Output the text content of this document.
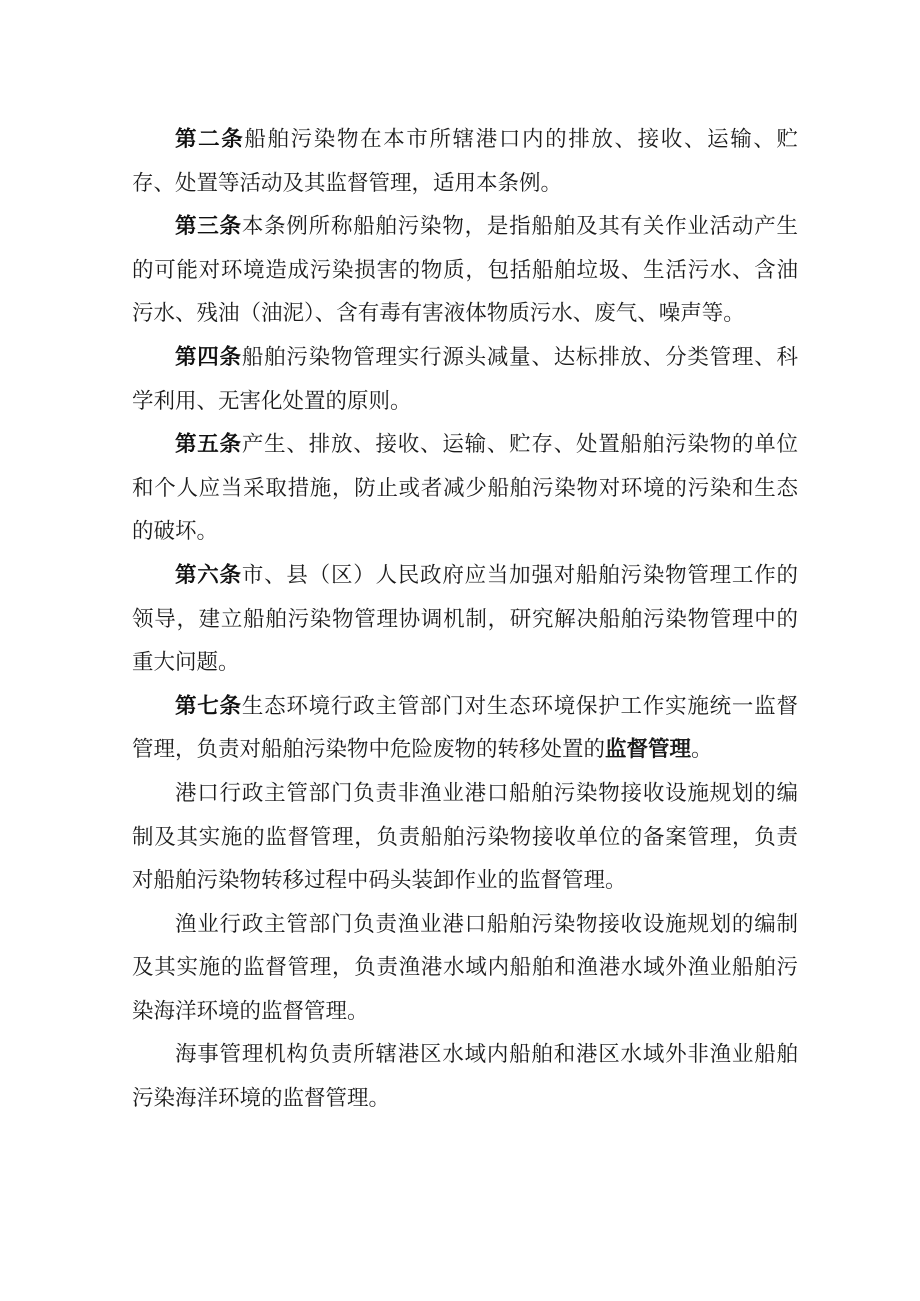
第二条船舶污染物在本市所辖港口内的排放、接收、运输、贮存、处置等活动及其监督管理，适用本条例。

第三条本条例所称船舶污染物，是指船舶及其有关作业活动产生的可能对环境造成污染损害的物质，包括船舶垃圾、生活污水、含油污水、残油（油泥）、含有毒有害液体物质污水、废气、噪声等。

第四条船舶污染物管理实行源头减量、达标排放、分类管理、科学利用、无害化处置的原则。

第五条产生、排放、接收、运输、贮存、处置船舶污染物的单位和个人应当采取措施，防止或者减少船舶污染物对环境的污染和生态的破坏。

第六条市、县（区）人民政府应当加强对船舶污染物管理工作的领导，建立船舶污染物管理协调机制，研究解决船舶污染物管理中的重大问题。

第七条生态环境行政主管部门对生态环境保护工作实施统一监督管理，负责对船舶污染物中危险废物的转移处置的监督管理。

港口行政主管部门负责非渔业港口船舶污染物接收设施规划的编制及其实施的监督管理，负责船舶污染物接收单位的备案管理，负责对船舶污染物转移过程中码头装卸作业的监督管理。

渔业行政主管部门负责渔业港口船舶污染物接收设施规划的编制及其实施的监督管理，负责渔港水域内船舶和渔港水域外渔业船舶污染海洋环境的监督管理。

海事管理机构负责所辖港区水域内船舶和港区水域外非渔业船舶污染海洋环境的监督管理。
